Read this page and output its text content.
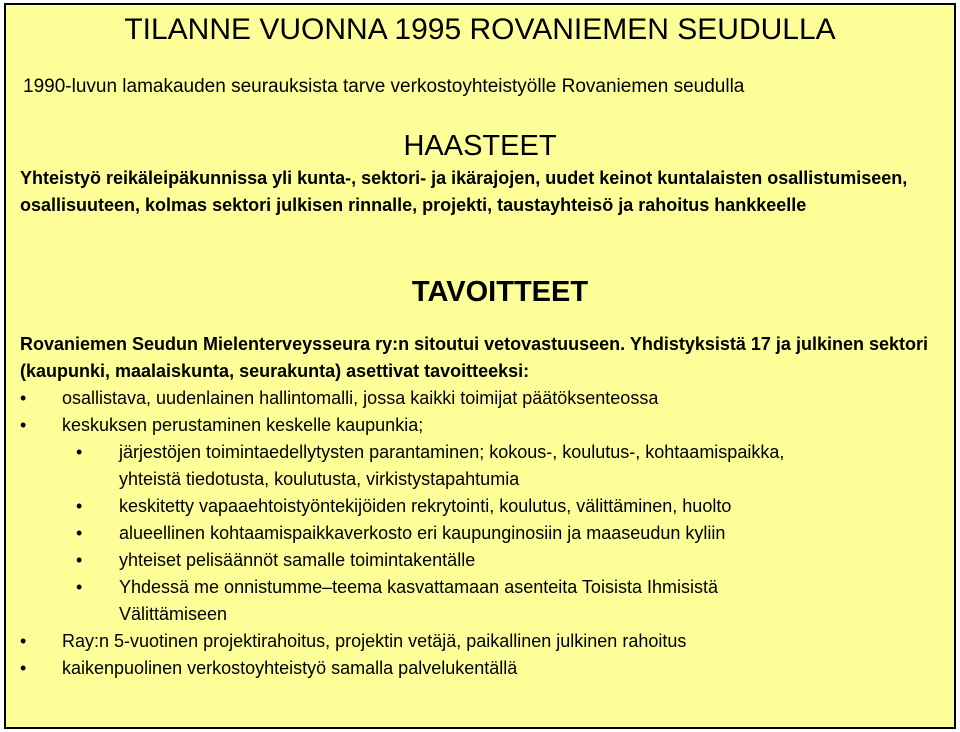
TILANNE VUONNA 1995 ROVANIEMEN SEUDULLA
1990-luvun lamakauden seurauksista tarve verkostoyhteistyölle Rovaniemen seudulla
HAASTEET
Yhteistyö reikäleipäkunnissa yli kunta-, sektori- ja ikärajojen, uudet keinot kuntalaisten osallistumiseen, osallisuuteen, kolmas sektori julkisen rinnalle, projekti, taustayhteisö ja rahoitus hankkeelle
TAVOITTEET
Rovaniemen Seudun Mielenterveysseura ry:n sitoutui vetovastuuseen. Yhdistyksistä 17 ja julkinen sektori (kaupunki, maalaiskunta, seurakunta) asettivat tavoitteeksi:
• osallistava, uudenlainen hallintomalli, jossa kaikki toimijat päätöksenteossa
• keskuksen perustaminen keskelle kaupunkia;
• järjestöjen toimintaedellytysten parantaminen; kokous-, koulutus-, kohtaamispaikka,
yhteistä tiedotusta, koulutusta, virkistystapahtumia
• keskitetty vapaaehtoistyöntekijöiden rekrytointi, koulutus, välittäminen, huolto
• alueellinen kohtaamispaikkaverkosto eri kaupunginosiin ja maaseudun kyliin
• yhteiset pelisäännöt samalle toimintakentälle
• Yhdessä me onnistumme–teema kasvattamaan asenteita Toisista Ihmisistä
Välittämiseen
• Ray:n 5-vuotinen projektirahoitus, projektin vetäjä, paikallinen julkinen rahoitus
• kaikenpuolinen verkostoyhteistyö samalla palvelukentällä
